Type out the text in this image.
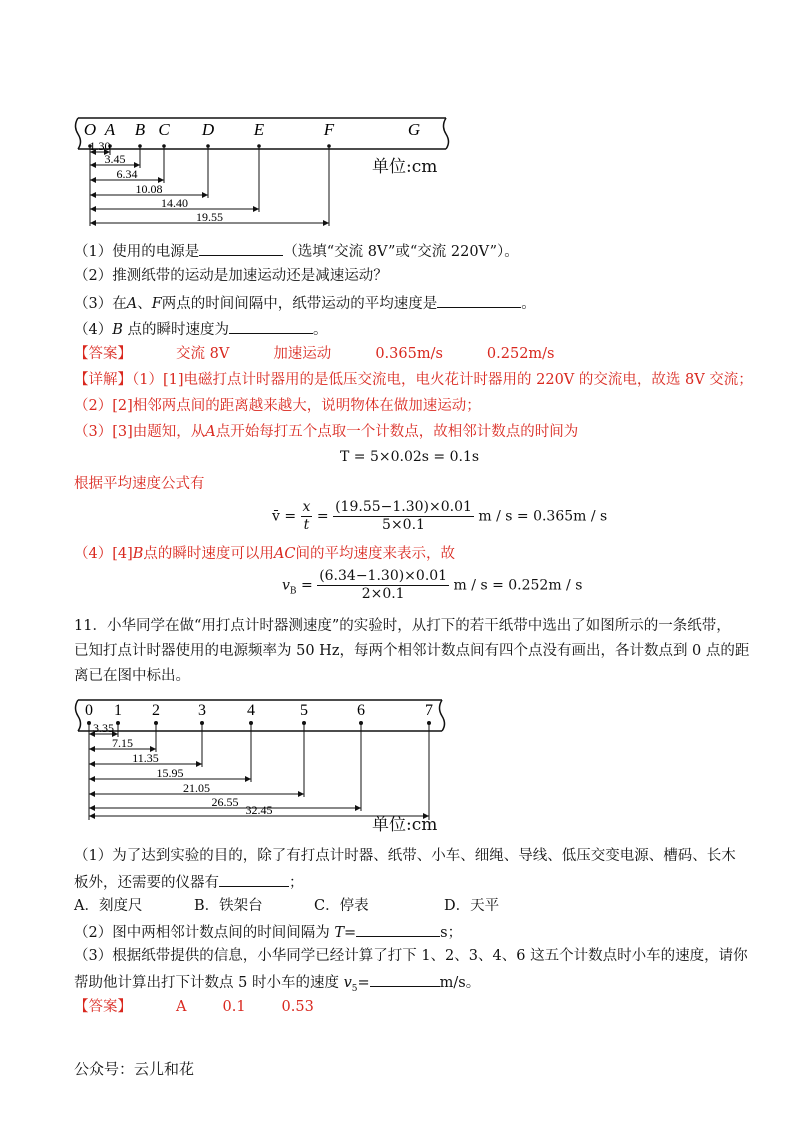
O A B C D E	F	G
1.30
3.45
6.34
10.08
14.40
19.55
单位:cm
（1）使用的电源是	（选填“交流 8V”或“交流 220V”）。
（2）推测纸带的运动是加速运动还是减速运动？
（3）在A、F两点的时间间隔中，纸带运动的平均速度是	。
（4）B 点的瞬时速度为	。
【答案】	交流 8V	加速运动	0.365m/s	0.252m/s
【详解】（1）[1]电磁打点计时器用的是低压交流电，电火花计时器用的 220V 的交流电，故选 8V 交流；
（2）[2]相邻两点间的距离越来越大，说明物体在做加速运动；
（3）[3]由题知，从A点开始每打五个点取一个计数点，故相邻计数点的时间为
T = 5×0.02s = 0.1s
根据平均速度公式有
v̄ = $\frac{x}{t} = \frac{(19.55-1.30)\times 0.01}{5\times 0.1}$ m / s = 0.365m / s
（4）[4]B点的瞬时速度可以用AC间的平均速度来表示，故
$v_B = \frac{(6.34-1.30)\times 0.01}{2\times 0.1}$ m / s = 0.252m / s
11．小华同学在做“用打点计时器测速度”的实验时，从打下的若干纸带中选出了如图所示的一条纸带，
已知打点计时器使用的电源频率为 50 Hz，每两个相邻计数点间有四个点没有画出，各计数点到 0 点的距
离已在图中标出。
0 1 2 3	4	5	6	7
3.35
7.15
11.35
15.95
21.05
26.55
32.45
单位:cm
（1）为了达到实验的目的，除了有打点计时器、纸带、小车、细绳、导线、低压交变电源、槽码、长木
板外，还需要的仪器有	；
A．刻度尺	B．铁架台	C．停表	D．天平
（2）图中两相邻计数点间的时间间隔为 T=	s；
（3）根据纸带提供的信息，小华同学已经计算了打下 1、2、3、4、6 这五个计数点时小车的速度，请你
帮助他计算出打下计数点 5 时小车的速度 $v_5=$	m/s。
【答案】	A 0.1 0.53
公众号：云儿和花
